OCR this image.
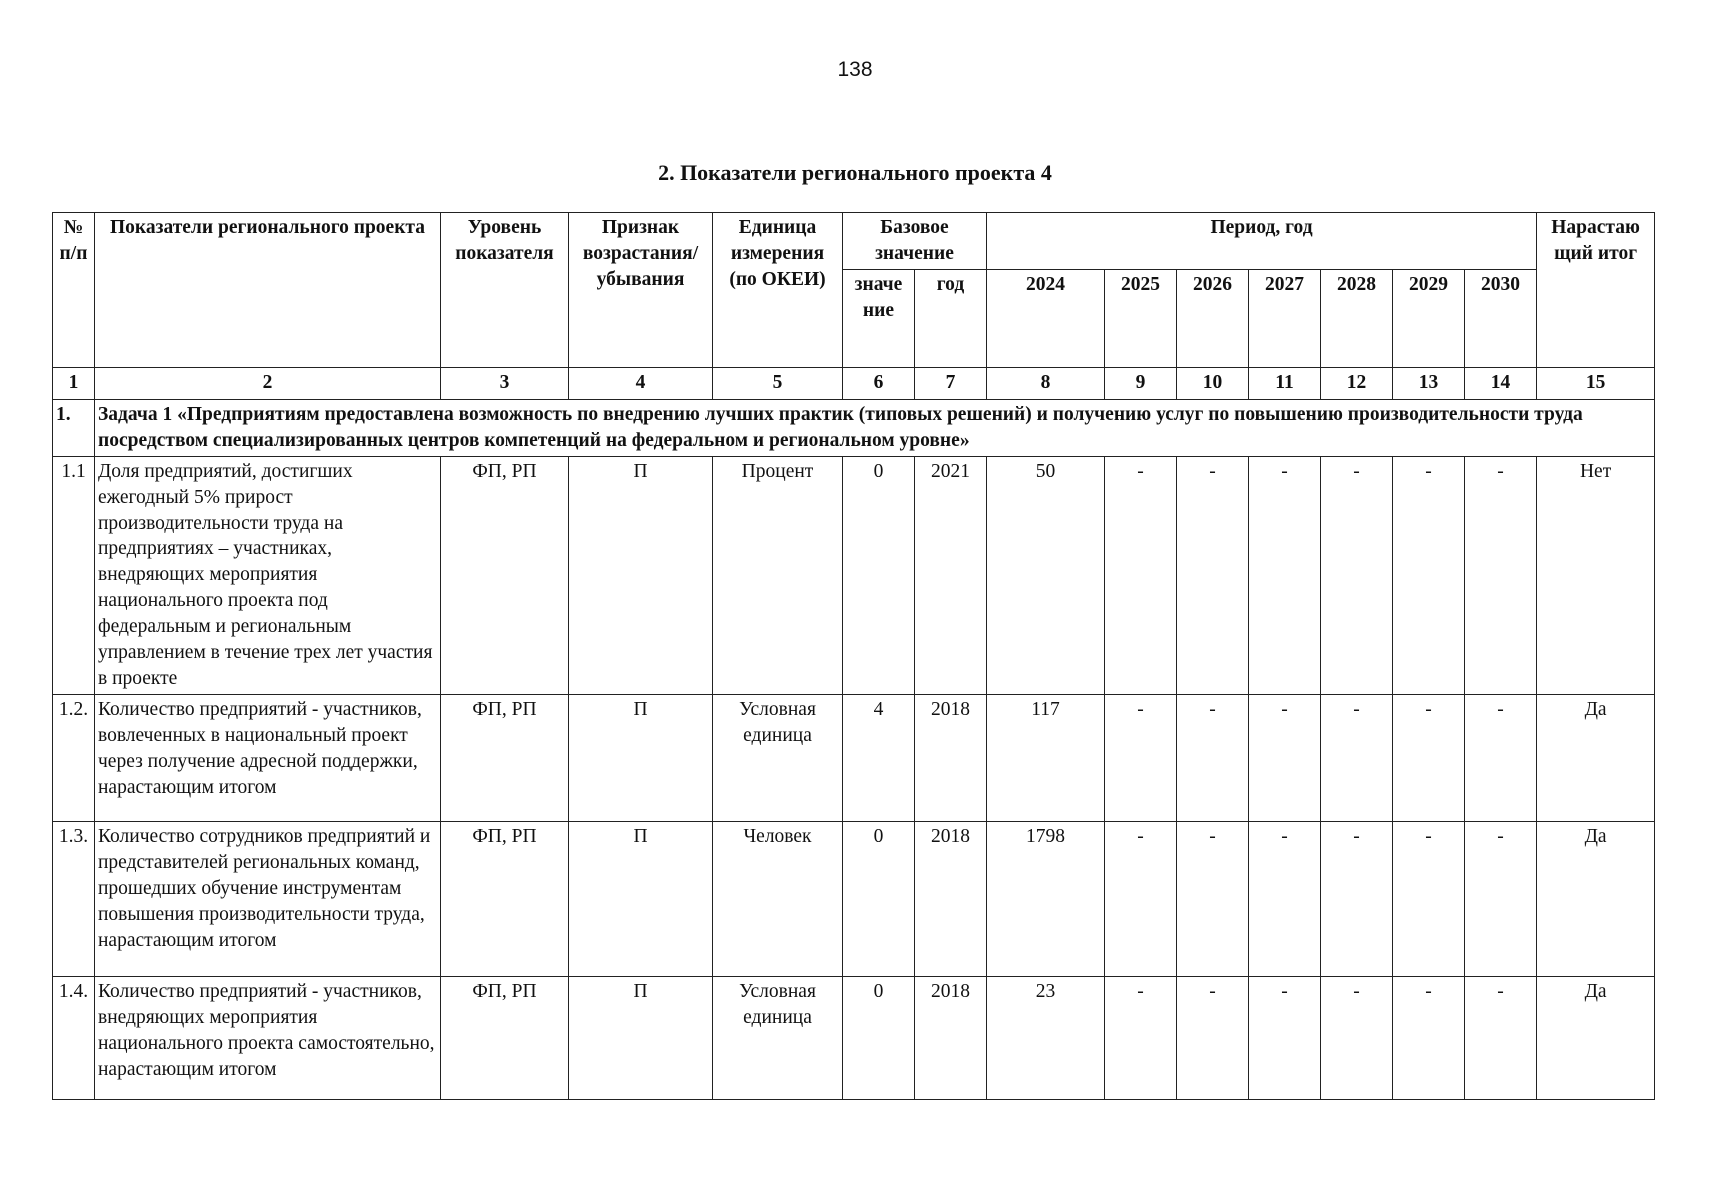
138
2. Показатели регионального проекта 4
№ п/п	Показатели регионального проекта	Уровень показателя	Признак возрастания/ убывания	Единица измерения (по ОКЕИ)	Базовое значение		Период, год							Нарастаю щий итог
					значе ние	год	2024	2025	2026	2027	2028	2029	2030	
1	2	3	4	5	6	7	8	9	10	11	12	13	14	15
1.	Задача 1 «Предприятиям предоставлена возможность по внедрению лучших практик (типовых решений) и получению услуг по повышению производительности труда посредством специализированных центров компетенций на федеральном и региональном уровне»													
1.1	Доля предприятий, достигших ежегодный 5% прирост производительности труда на предприятиях – участниках, внедряющих мероприятия национального проекта под федеральным и региональным управлением в течение трех лет участия в проекте	ФП, РП	П	Процент	0	2021	50	-	-	-	-	-	-	Нет
1.2.	Количество предприятий - участников, вовлеченных в национальный проект через получение адресной поддержки, нарастающим итогом	ФП, РП	П	Условная единица	4	2018	117	-	-	-	-	-	-	Да
1.3.	Количество сотрудников предприятий и представителей региональных команд, прошедших обучение инструментам повышения производительности труда, нарастающим итогом	ФП, РП	П	Человек	0	2018	1798	-	-	-	-	-	-	Да
1.4.	Количество предприятий - участников, внедряющих мероприятия национального проекта самостоятельно, нарастающим итогом	ФП, РП	П	Условная единица	0	2018	23	-	-	-	-	-	-	Да
